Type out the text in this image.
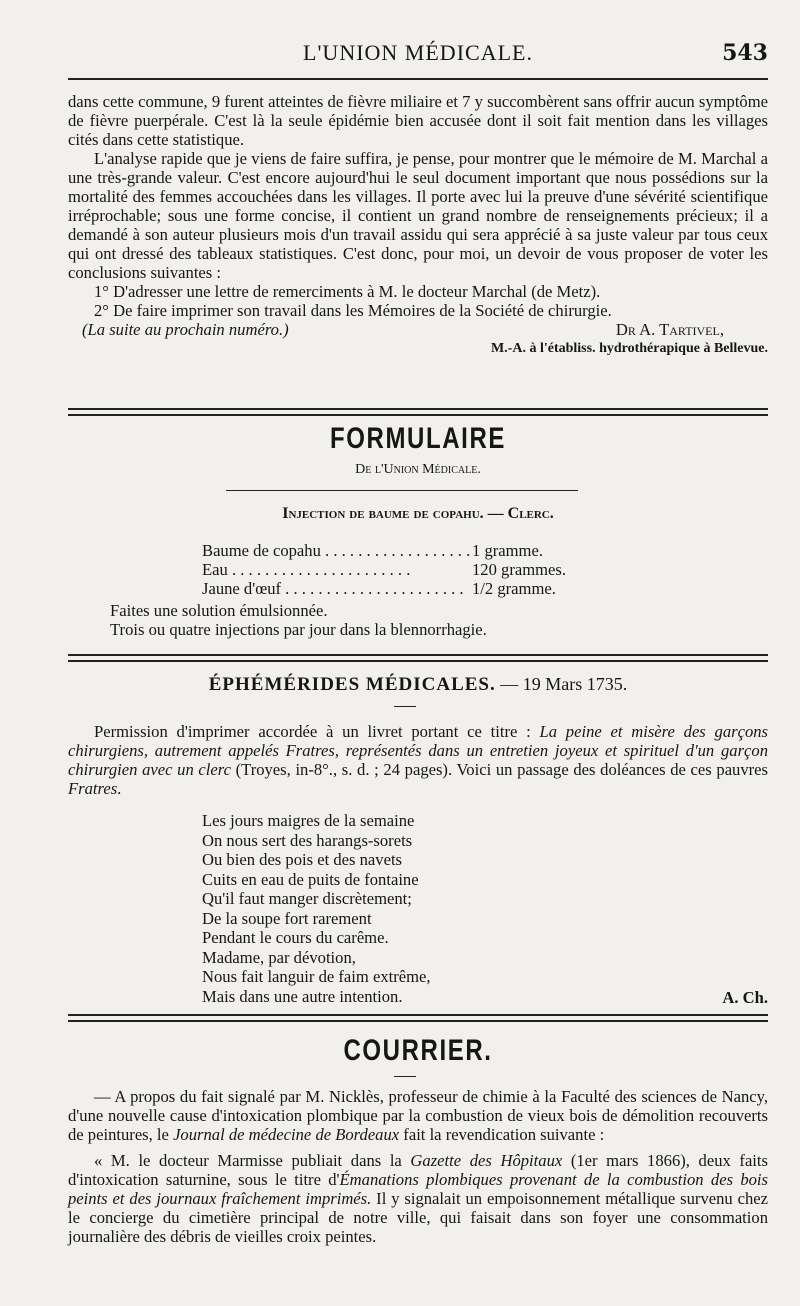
L'UNION MÉDICALE.	543

dans cette commune, 9 furent atteintes de fièvre miliaire et 7 y succombèrent sans offrir aucun symptôme de fièvre puerpérale. C'est là la seule épidémie bien accusée dont il soit fait mention dans les villages cités dans cette statistique.

L'analyse rapide que je viens de faire suffira, je pense, pour montrer que le mémoire de M. Marchal a une très-grande valeur. C'est encore aujourd'hui le seul document important que nous possédions sur la mortalité des femmes accouchées dans les villages. Il porte avec lui la preuve d'une sévérité scientifique irréprochable; sous une forme concise, il contient un grand nombre de renseignements précieux; il a demandé à son auteur plusieurs mois d'un travail assidu qui sera apprécié à sa juste valeur par tous ceux qui ont dressé des tableaux statistiques. C'est donc, pour moi, un devoir de vous proposer de voter les conclusions suivantes :

1° D'adresser une lettre de remerciments à M. le docteur Marchal (de Metz).

2° De faire imprimer son travail dans les Mémoires de la Société de chirurgie.

(La suite au prochain numéro.)	Dr A. Tartivel,

M.-A. à l'établiss. hydrothérapique à Bellevue.

FORMULAIRE
De l'Union Médicale.
Injection de baume de copahu. — Clerc.
Baume de copahu . . .	1 gramme.
Eau . . .	120 grammes.
Jaune d'œuf . . .	1/2 gramme.

Faites une solution émulsionnée.

Trois ou quatre injections par jour dans la blennorrhagie.

ÉPHÉMÉRIDES MÉDICALES. — 19 Mars 1735.

Permission d'imprimer accordée à un livret portant ce titre : La peine et misère des garçons chirurgiens, autrement appelés Fratres, représentés dans un entretien joyeux et spirituel d'un garçon chirurgien avec un clerc (Troyes, in-8°., s. d. ; 24 pages). Voici un passage des doléances de ces pauvres Fratres.

Les jours maigres de la semaine
On nous sert des harangs-sorets
Ou bien des pois et des navets
Cuits en eau de puits de fontaine
Qu'il faut manger discrètement;
De la soupe fort rarement
Pendant le cours du carême.
Madame, par dévotion,
Nous fait languir de faim extrême,
Mais dans une autre intention.	A. Ch.
COURRIER.

— A propos du fait signalé par M. Nicklès, professeur de chimie à la Faculté des sciences de Nancy, d'une nouvelle cause d'intoxication plombique par la combustion de vieux bois de démolition recouverts de peintures, le Journal de médecine de Bordeaux fait la revendication suivante :

« M. le docteur Marmisse publiait dans la Gazette des Hôpitaux (1er mars 1866), deux faits d'intoxication saturnine, sous le titre d'Émanations plombiques provenant de la combustion des bois peints et des journaux fraîchement imprimés. Il y signalait un empoisonnement métallique survenu chez le concierge du cimetière principal de notre ville, qui faisait dans son foyer une consommation journalière des débris de vieilles croix peintes.
